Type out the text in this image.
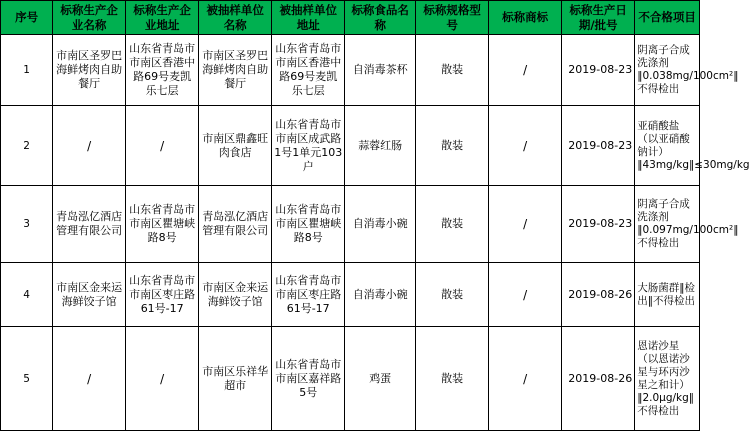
序号	标称生产企业名称	标称生产企业地址	被抽样单位名称	被抽样单位地址	标称食品名称	标称规格型号	标称商标	标称生产日期/批号	不合格项目
1	市南区圣罗巴海鲜烤肉自助餐厅	山东省青岛市市南区香港中路69号麦凯乐七层	市南区圣罗巴海鲜烤肉自助餐厅	山东省青岛市市南区香港中路69号麦凯乐七层	自消毒茶杯	散装	/	2019-08-23	阴离子合成洗涤剂‖0.038mg/100cm²‖不得检出
2	/	/	市南区鼎鑫旺肉食店	山东省青岛市市南区成武路1号1单元103户	蒜蓉红肠	散装	/	2019-08-23	亚硝酸盐（以亚硝酸钠计）‖43mg/kg‖≤30mg/kg
3	青岛泓亿酒店管理有限公司	山东省青岛市市南区瞿塘峡路8号	青岛泓亿酒店管理有限公司	山东省青岛市市南区瞿塘峡路8号	自消毒小碗	散装	/	2019-08-23	阴离子合成洗涤剂‖0.097mg/100cm²‖不得检出
4	市南区金来运海鲜饺子馆	山东省青岛市市南区枣庄路61号-17	市南区金来运海鲜饺子馆	山东省青岛市市南区枣庄路61号-17	自消毒小碗	散装	/	2019-08-26	大肠菌群‖检出‖不得检出
5	/	/	市南区乐祥华超市	山东省青岛市市南区嘉祥路5号	鸡蛋	散装	/	2019-08-26	恩诺沙星（以恩诺沙星与环丙沙星之和计）‖2.0μg/kg‖不得检出
